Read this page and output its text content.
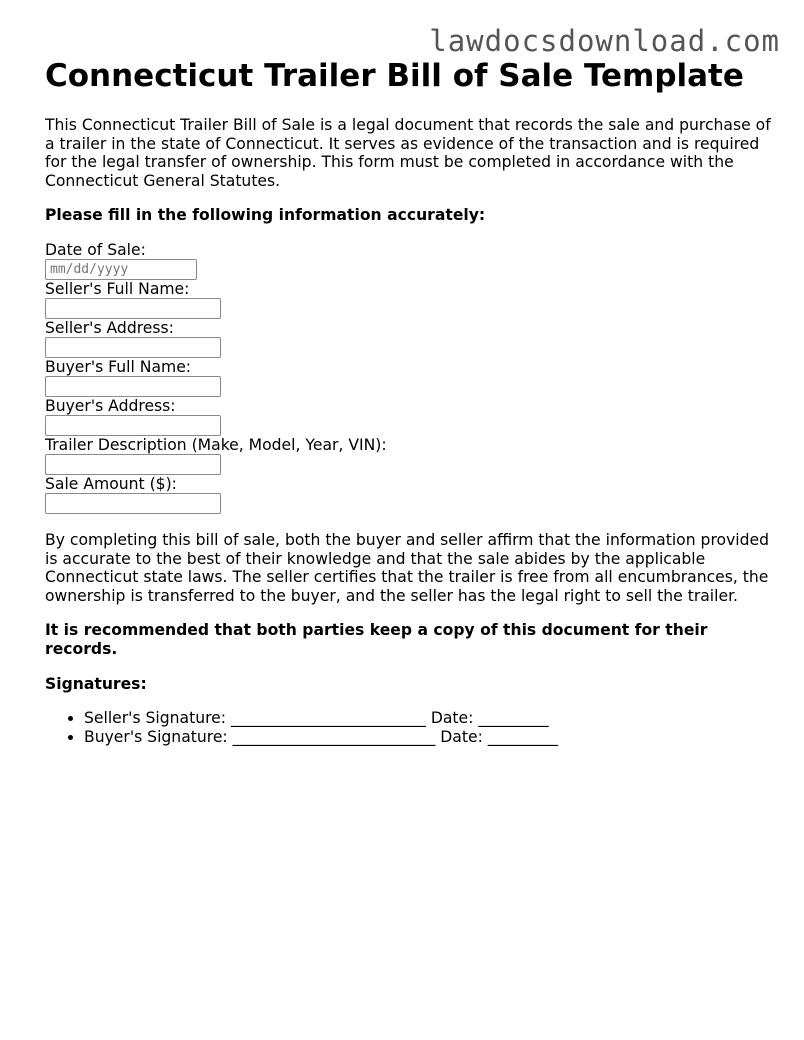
lawdocsdownload.com
Connecticut Trailer Bill of Sale Template

This Connecticut Trailer Bill of Sale is a legal document that records the sale and purchase of a trailer in the state of Connecticut. It serves as evidence of the transaction and is required for the legal transfer of ownership. This form must be completed in accordance with the Connecticut General Statutes.

Please fill in the following information accurately:

Date of Sale:
mm/dd/yyyy
Seller's Full Name:
Seller's Address:
Buyer's Full Name:
Buyer's Address:
Trailer Description (Make, Model, Year, VIN):
Sale Amount ($):

By completing this bill of sale, both the buyer and seller affirm that the information provided is accurate to the best of their knowledge and that the sale abides by the applicable Connecticut state laws. The seller certifies that the trailer is free from all encumbrances, the ownership is transferred to the buyer, and the seller has the legal right to sell the trailer.

It is recommended that both parties keep a copy of this document for their records.

Signatures:

• Seller's Signature: _________________________ Date: _________
• Buyer's Signature: __________________________ Date: _________
